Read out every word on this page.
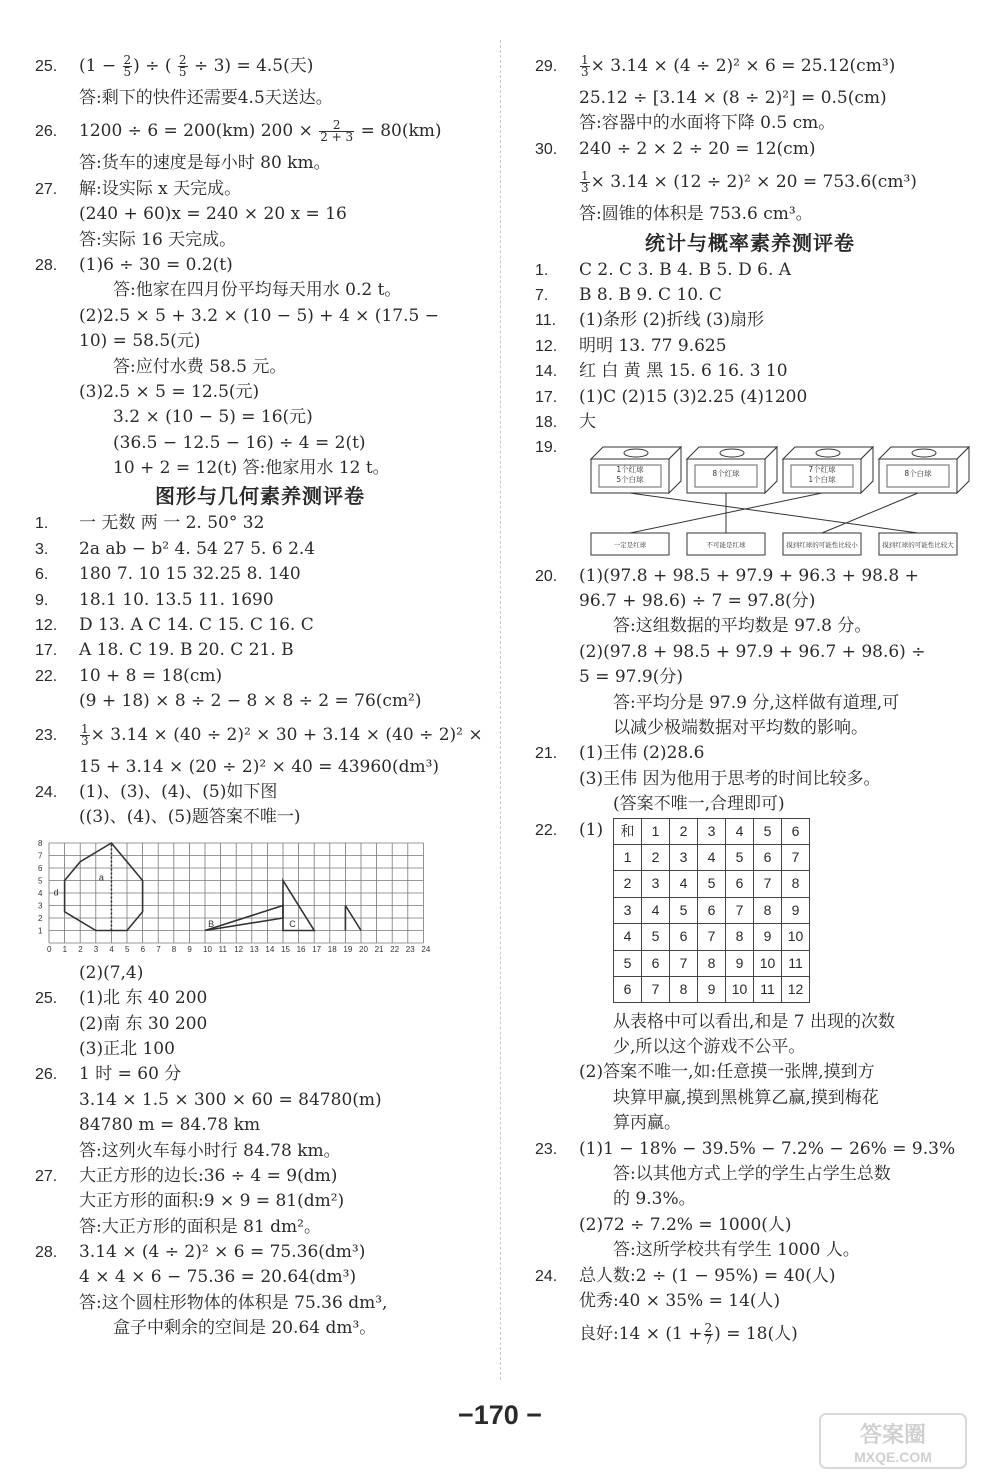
25. ($1 - \frac{2}{5}$ ) ÷ ( $\frac{2}{5} \div 3) = 4.5$(天)
答:剩下的快件还需要4.5天送达。
26. 1200 ÷ 6 = 200(km) $200 \times \frac{2}{2 + 3} = 80(km)$
答:货车的速度是每小时 80 km。
27. 解:设实际 x 天完成。
(240 + 60)x = 240 × 20 x = 16
答:实际 16 天完成。
28. (1)6 ÷ 30 = 0.2(t)
答:他家在四月份平均每天用水 0.2 t。
(2)2.5 × 5 + 3.2 × (10 − 5) + 4 × (17.5 −
10) = 58.5(元)
答:应付水费 58.5 元。
(3)2.5 × 5 = 12.5(元)
3.2 × (10 − 5) = 16(元)
(36.5 − 12.5 − 16) ÷ 4 = 2(t)
10 + 2 = 12(t) 答:他家用水 12 t。
图形与几何素养测评卷
1. 一 无数 两 一 2. 50° 32
3. 2a ab − b² 4. 54 27 5. 6 2.4
6. 180 7. 10 15 32.25 8. 140
9. 18.1 10. 13.5 11. 1690
12. D 13. A C 14. C 15. C 16. C
17. A 18. C 19. B 20. C 21. B
22. 10 + 8 = 18(cm)
(9 + 18) × 8 ÷ 2 − 8 × 8 ÷ 2 = 76(cm²)
23. $\frac{1}{3} \times 3.14 \times (40 \div 2)^2 \times 30 + 3.14 \times (40 \div 2)^2$ ×
15 + 3.14 × (20 ÷ 2)² × 40 = 43960(dm³)
24. (1)、(3)、(4)、(5)如下图
((3)、(4)、(5)题答案不唯一)
0 1 2 3 4 5 6 7 8 9 10 11 12 13 14 15 16 17 18 19 20 21 22 23 24
1
2
3
4
5
6
7
8
a
B	C
d
(2)(7,4)
25. (1)北 东 40 200
(2)南 东 30 200
(3)正北 100
26. 1 时 = 60 分
3.14 × 1.5 × 300 × 60 = 84780(m)
84780 m = 84.78 km
答:这列火车每小时行 84.78 km。
27. 大正方形的边长:36 ÷ 4 = 9(dm)
大正方形的面积:9 × 9 = 81(dm²)
答:大正方形的面积是 81 dm²。
28. 3.14 × (4 ÷ 2)² × 6 = 75.36(dm³)
4 × 4 × 6 − 75.36 = 20.64(dm³)
答:这个圆柱形物体的体积是 75.36 dm³,
盒子中剩余的空间是 20.64 dm³。
29. $\frac{1}{3} \times 3.14 \times (4 \div 2)^2 \times 6 = 25.12(cm^3)$
25.12 ÷ [3.14 × (8 ÷ 2)²] = 0.5(cm)
答:容器中的水面将下降 0.5 cm。
30. 240 ÷ 2 × 2 ÷ 20 = 12(cm)
$\frac{1}{3} \times 3.14 \times (12 \div 2)^2 \times 20 = 753.6(cm^3)$
答:圆锥的体积是 753.6 cm³。
统计与概率素养测评卷
1. C 2. C 3. B 4. B 5. D 6. A
7. B 8. B 9. C 10. C
11. (1)条形 (2)折线 (3)扇形
12. 明明 13. 77 9.625
14. 红 白 黄 黑 15. 6 16. 3 10
17. (1)C (2)15 (3)2.25 (4)1200
18. 大
19.
1个红球
5个白球
8个红球	7个红球
1个白球
8个白球
一定是红球	不可能是红球	摸到红球的可能性比较小	摸到红球的可能性比较大
20. (1)(97.8 + 98.5 + 97.9 + 96.3 + 98.8 +
96.7 + 98.6) ÷ 7 = 97.8(分)
答:这组数据的平均数是 97.8 分。
(2)(97.8 + 98.5 + 97.9 + 96.7 + 98.6) ÷
5 = 97.9(分)
答:平均分是 97.9 分,这样做有道理,可
以减少极端数据对平均数的影响。
21. (1)王伟 (2)28.6
(3)王伟 因为他用于思考的时间比较多。
(答案不唯一,合理即可)
22. (1) 和	1	2	3	4	5	6
1	2	3	4	5	6	7
2	3	4	5	6	7	8
3	4	5	6	7	8	9
4	5	6	7	8	9	10
5	6	7	8	9	10	11
6	7	8	9	10	11	12
从表格中可以看出,和是 7 出现的次数
少,所以这个游戏不公平。
(2)答案不唯一,如:任意摸一张牌,摸到方
块算甲赢,摸到黑桃算乙赢,摸到梅花
算丙赢。
23. (1)1 − 18% − 39.5% − 7.2% − 26% = 9.3%
答:以其他方式上学的学生占学生总数
的 9.3%。
(2)72 ÷ 7.2% = 1000(人)
答:这所学校共有学生 1000 人。
24. 总人数:2 ÷ (1 − 95%) = 40(人)
优秀:40 × 35% = 14(人)
良好:14 × ($1 + \frac{2}{7}$ ) = 18(人)
−170 −
答案圈
MXQE.COM
